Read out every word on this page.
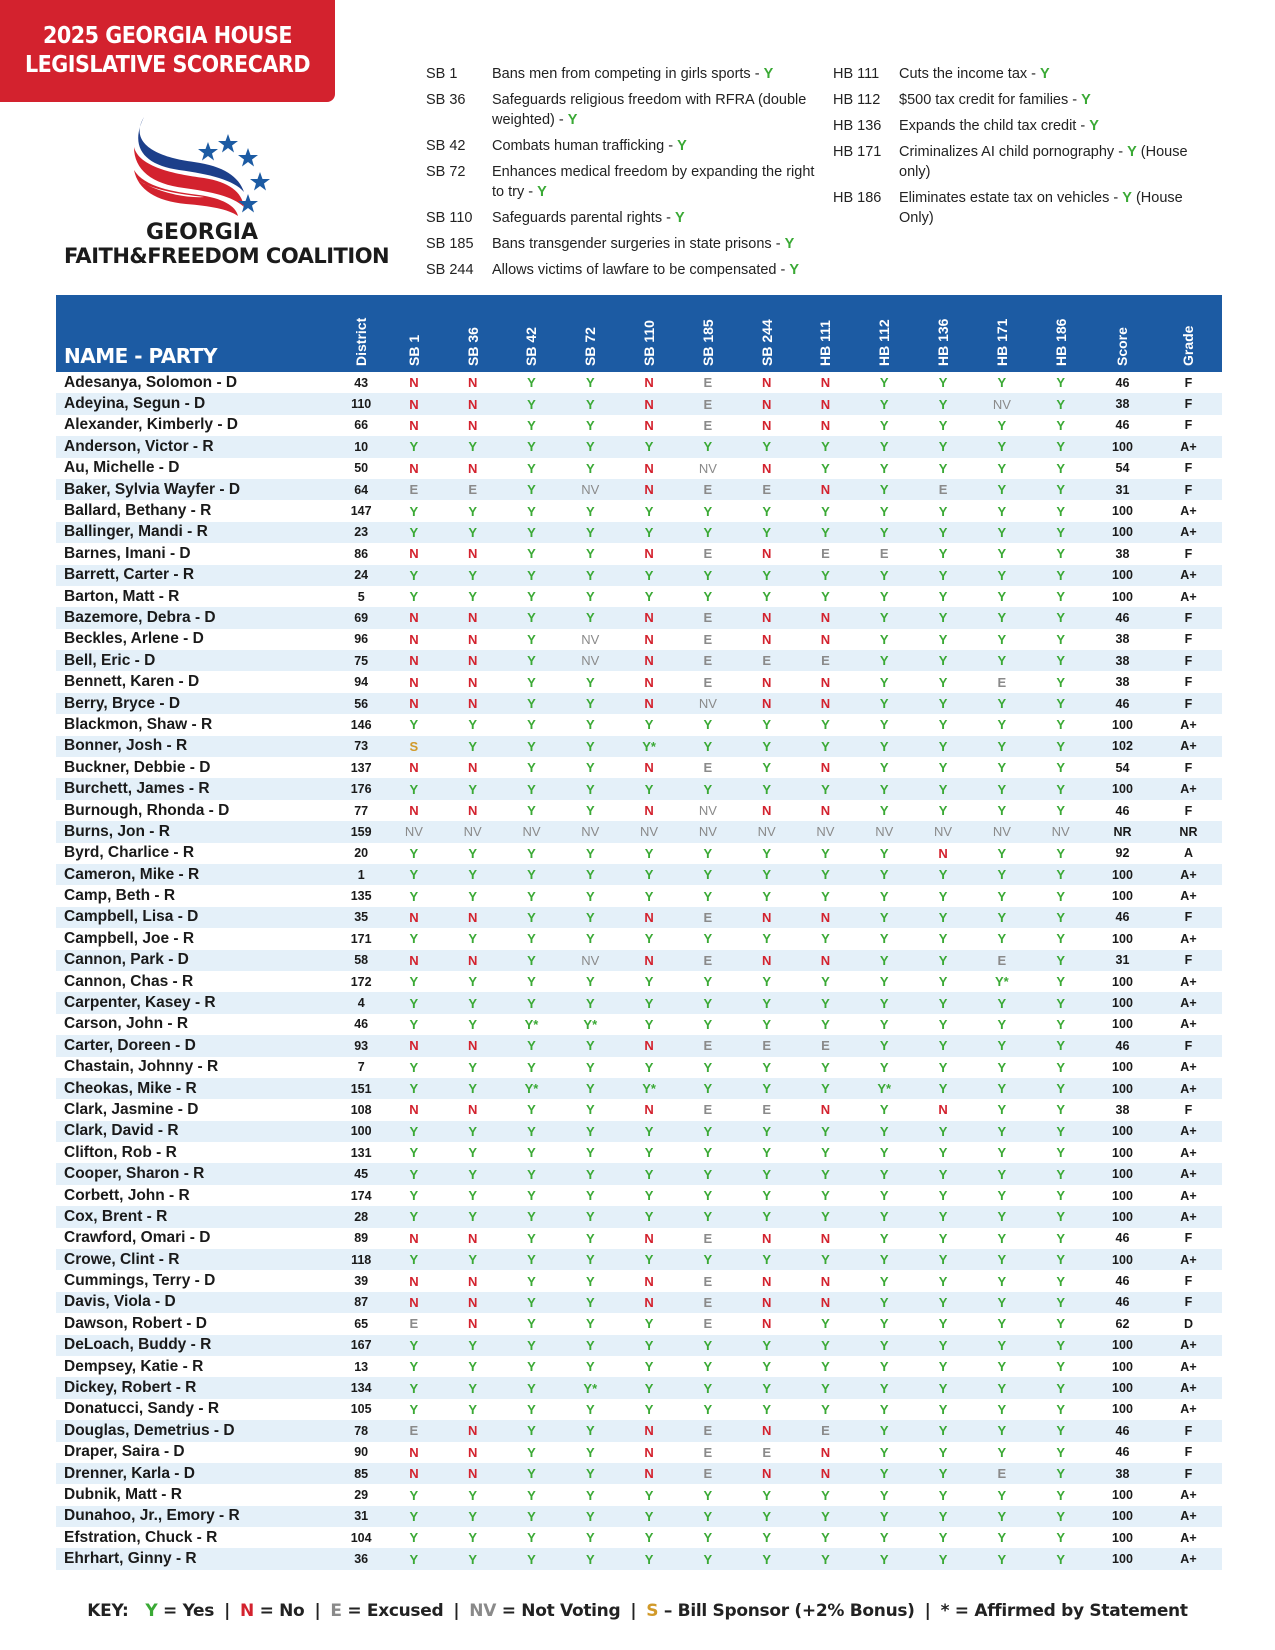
2025 GEORGIA HOUSE
LEGISLATIVE SCORECARD
GEORGIA
FAITH&FREEDOM COALITION
SB 1	Bans men from competing in girls sports - Y
SB 36	Safeguards religious freedom with RFRA (double weighted) - Y
SB 42	Combats human trafficking - Y
SB 72	Enhances medical freedom by expanding the right to try - Y
SB 110	Safeguards parental rights - Y
SB 185	Bans transgender surgeries in state prisons - Y
SB 244	Allows victims of lawfare to be compensated - Y
HB 111	Cuts the income tax - Y
HB 112	$500 tax credit for families - Y
HB 136	Expands the child tax credit - Y
HB 171	Criminalizes AI child pornography - Y (House only)
HB 186	Eliminates estate tax on vehicles - Y (House Only)
NAME - PARTY	District	SB 1	SB 36	SB 42	SB 72	SB 110	SB 185	SB 244	HB 111	HB 112	HB 136	HB 171	HB 186	Score	Grade

Adesanya, Solomon - D	43	N	N	Y	Y	N	E	N	N	Y	Y	Y	Y	46	F
Adeyina, Segun - D	110	N	N	Y	Y	N	E	N	N	Y	Y	NV	Y	38	F
Alexander, Kimberly - D	66	N	N	Y	Y	N	E	N	N	Y	Y	Y	Y	46	F
Anderson, Victor - R	10	Y	Y	Y	Y	Y	Y	Y	Y	Y	Y	Y	Y	100	A+
Au, Michelle - D	50	N	N	Y	Y	N	NV	N	Y	Y	Y	Y	Y	54	F
Baker, Sylvia Wayfer - D	64	E	E	Y	NV	N	E	E	N	Y	E	Y	Y	31	F
Ballard, Bethany - R	147	Y	Y	Y	Y	Y	Y	Y	Y	Y	Y	Y	Y	100	A+
Ballinger, Mandi - R	23	Y	Y	Y	Y	Y	Y	Y	Y	Y	Y	Y	Y	100	A+
Barnes, Imani - D	86	N	N	Y	Y	N	E	N	E	E	Y	Y	Y	38	F
Barrett, Carter - R	24	Y	Y	Y	Y	Y	Y	Y	Y	Y	Y	Y	Y	100	A+
Barton, Matt - R	5	Y	Y	Y	Y	Y	Y	Y	Y	Y	Y	Y	Y	100	A+
Bazemore, Debra - D	69	N	N	Y	Y	N	E	N	N	Y	Y	Y	Y	46	F
Beckles, Arlene - D	96	N	N	Y	NV	N	E	N	N	Y	Y	Y	Y	38	F
Bell, Eric - D	75	N	N	Y	NV	N	E	E	E	Y	Y	Y	Y	38	F
Bennett, Karen - D	94	N	N	Y	Y	N	E	N	N	Y	Y	E	Y	38	F
Berry, Bryce - D	56	N	N	Y	Y	N	NV	N	N	Y	Y	Y	Y	46	F
Blackmon, Shaw - R	146	Y	Y	Y	Y	Y	Y	Y	Y	Y	Y	Y	Y	100	A+
Bonner, Josh - R	73	S	Y	Y	Y	Y*	Y	Y	Y	Y	Y	Y	Y	102	A+
Buckner, Debbie - D	137	N	N	Y	Y	N	E	Y	N	Y	Y	Y	Y	54	F
Burchett, James - R	176	Y	Y	Y	Y	Y	Y	Y	Y	Y	Y	Y	Y	100	A+
Burnough, Rhonda - D	77	N	N	Y	Y	N	NV	N	N	Y	Y	Y	Y	46	F
Burns, Jon - R	159	NV	NV	NV	NV	NV	NV	NV	NV	NV	NV	NV	NV	NR	NR
Byrd, Charlice - R	20	Y	Y	Y	Y	Y	Y	Y	Y	Y	N	Y	Y	92	A
Cameron, Mike - R	1	Y	Y	Y	Y	Y	Y	Y	Y	Y	Y	Y	Y	100	A+
Camp, Beth - R	135	Y	Y	Y	Y	Y	Y	Y	Y	Y	Y	Y	Y	100	A+
Campbell, Lisa - D	35	N	N	Y	Y	N	E	N	N	Y	Y	Y	Y	46	F
Campbell, Joe - R	171	Y	Y	Y	Y	Y	Y	Y	Y	Y	Y	Y	Y	100	A+
Cannon, Park - D	58	N	N	Y	NV	N	E	N	N	Y	Y	E	Y	31	F
Cannon, Chas - R	172	Y	Y	Y	Y	Y	Y	Y	Y	Y	Y	Y*	Y	100	A+
Carpenter, Kasey - R	4	Y	Y	Y	Y	Y	Y	Y	Y	Y	Y	Y	Y	100	A+
Carson, John - R	46	Y	Y	Y*	Y*	Y	Y	Y	Y	Y	Y	Y	Y	100	A+
Carter, Doreen - D	93	N	N	Y	Y	N	E	E	E	Y	Y	Y	Y	46	F
Chastain, Johnny - R	7	Y	Y	Y	Y	Y	Y	Y	Y	Y	Y	Y	Y	100	A+
Cheokas, Mike - R	151	Y	Y	Y*	Y	Y*	Y	Y	Y	Y*	Y	Y	Y	100	A+
Clark, Jasmine - D	108	N	N	Y	Y	N	E	E	N	Y	N	Y	Y	38	F
Clark, David - R	100	Y	Y	Y	Y	Y	Y	Y	Y	Y	Y	Y	Y	100	A+
Clifton, Rob - R	131	Y	Y	Y	Y	Y	Y	Y	Y	Y	Y	Y	Y	100	A+
Cooper, Sharon - R	45	Y	Y	Y	Y	Y	Y	Y	Y	Y	Y	Y	Y	100	A+
Corbett, John - R	174	Y	Y	Y	Y	Y	Y	Y	Y	Y	Y	Y	Y	100	A+
Cox, Brent - R	28	Y	Y	Y	Y	Y	Y	Y	Y	Y	Y	Y	Y	100	A+
Crawford, Omari - D	89	N	N	Y	Y	N	E	N	N	Y	Y	Y	Y	46	F
Crowe, Clint - R	118	Y	Y	Y	Y	Y	Y	Y	Y	Y	Y	Y	Y	100	A+
Cummings, Terry - D	39	N	N	Y	Y	N	E	N	N	Y	Y	Y	Y	46	F
Davis, Viola - D	87	N	N	Y	Y	N	E	N	N	Y	Y	Y	Y	46	F
Dawson, Robert - D	65	E	N	Y	Y	Y	E	N	Y	Y	Y	Y	Y	62	D
DeLoach, Buddy - R	167	Y	Y	Y	Y	Y	Y	Y	Y	Y	Y	Y	Y	100	A+
Dempsey, Katie - R	13	Y	Y	Y	Y	Y	Y	Y	Y	Y	Y	Y	Y	100	A+
Dickey, Robert - R	134	Y	Y	Y	Y*	Y	Y	Y	Y	Y	Y	Y	Y	100	A+
Donatucci, Sandy - R	105	Y	Y	Y	Y	Y	Y	Y	Y	Y	Y	Y	Y	100	A+
Douglas, Demetrius - D	78	E	N	Y	Y	N	E	N	E	Y	Y	Y	Y	46	F
Draper, Saira - D	90	N	N	Y	Y	N	E	E	N	Y	Y	Y	Y	46	F
Drenner, Karla - D	85	N	N	Y	Y	N	E	N	N	Y	Y	E	Y	38	F
Dubnik, Matt - R	29	Y	Y	Y	Y	Y	Y	Y	Y	Y	Y	Y	Y	100	A+
Dunahoo, Jr., Emory - R	31	Y	Y	Y	Y	Y	Y	Y	Y	Y	Y	Y	Y	100	A+
Efstration, Chuck - R	104	Y	Y	Y	Y	Y	Y	Y	Y	Y	Y	Y	Y	100	A+
Ehrhart, Ginny - R	36	Y	Y	Y	Y	Y	Y	Y	Y	Y	Y	Y	Y	100	A+
KEY: Y = Yes | N = No | E = Excused | NV = Not Voting | S – Bill Sponsor (+2% Bonus) | * = Affirmed by Statement
